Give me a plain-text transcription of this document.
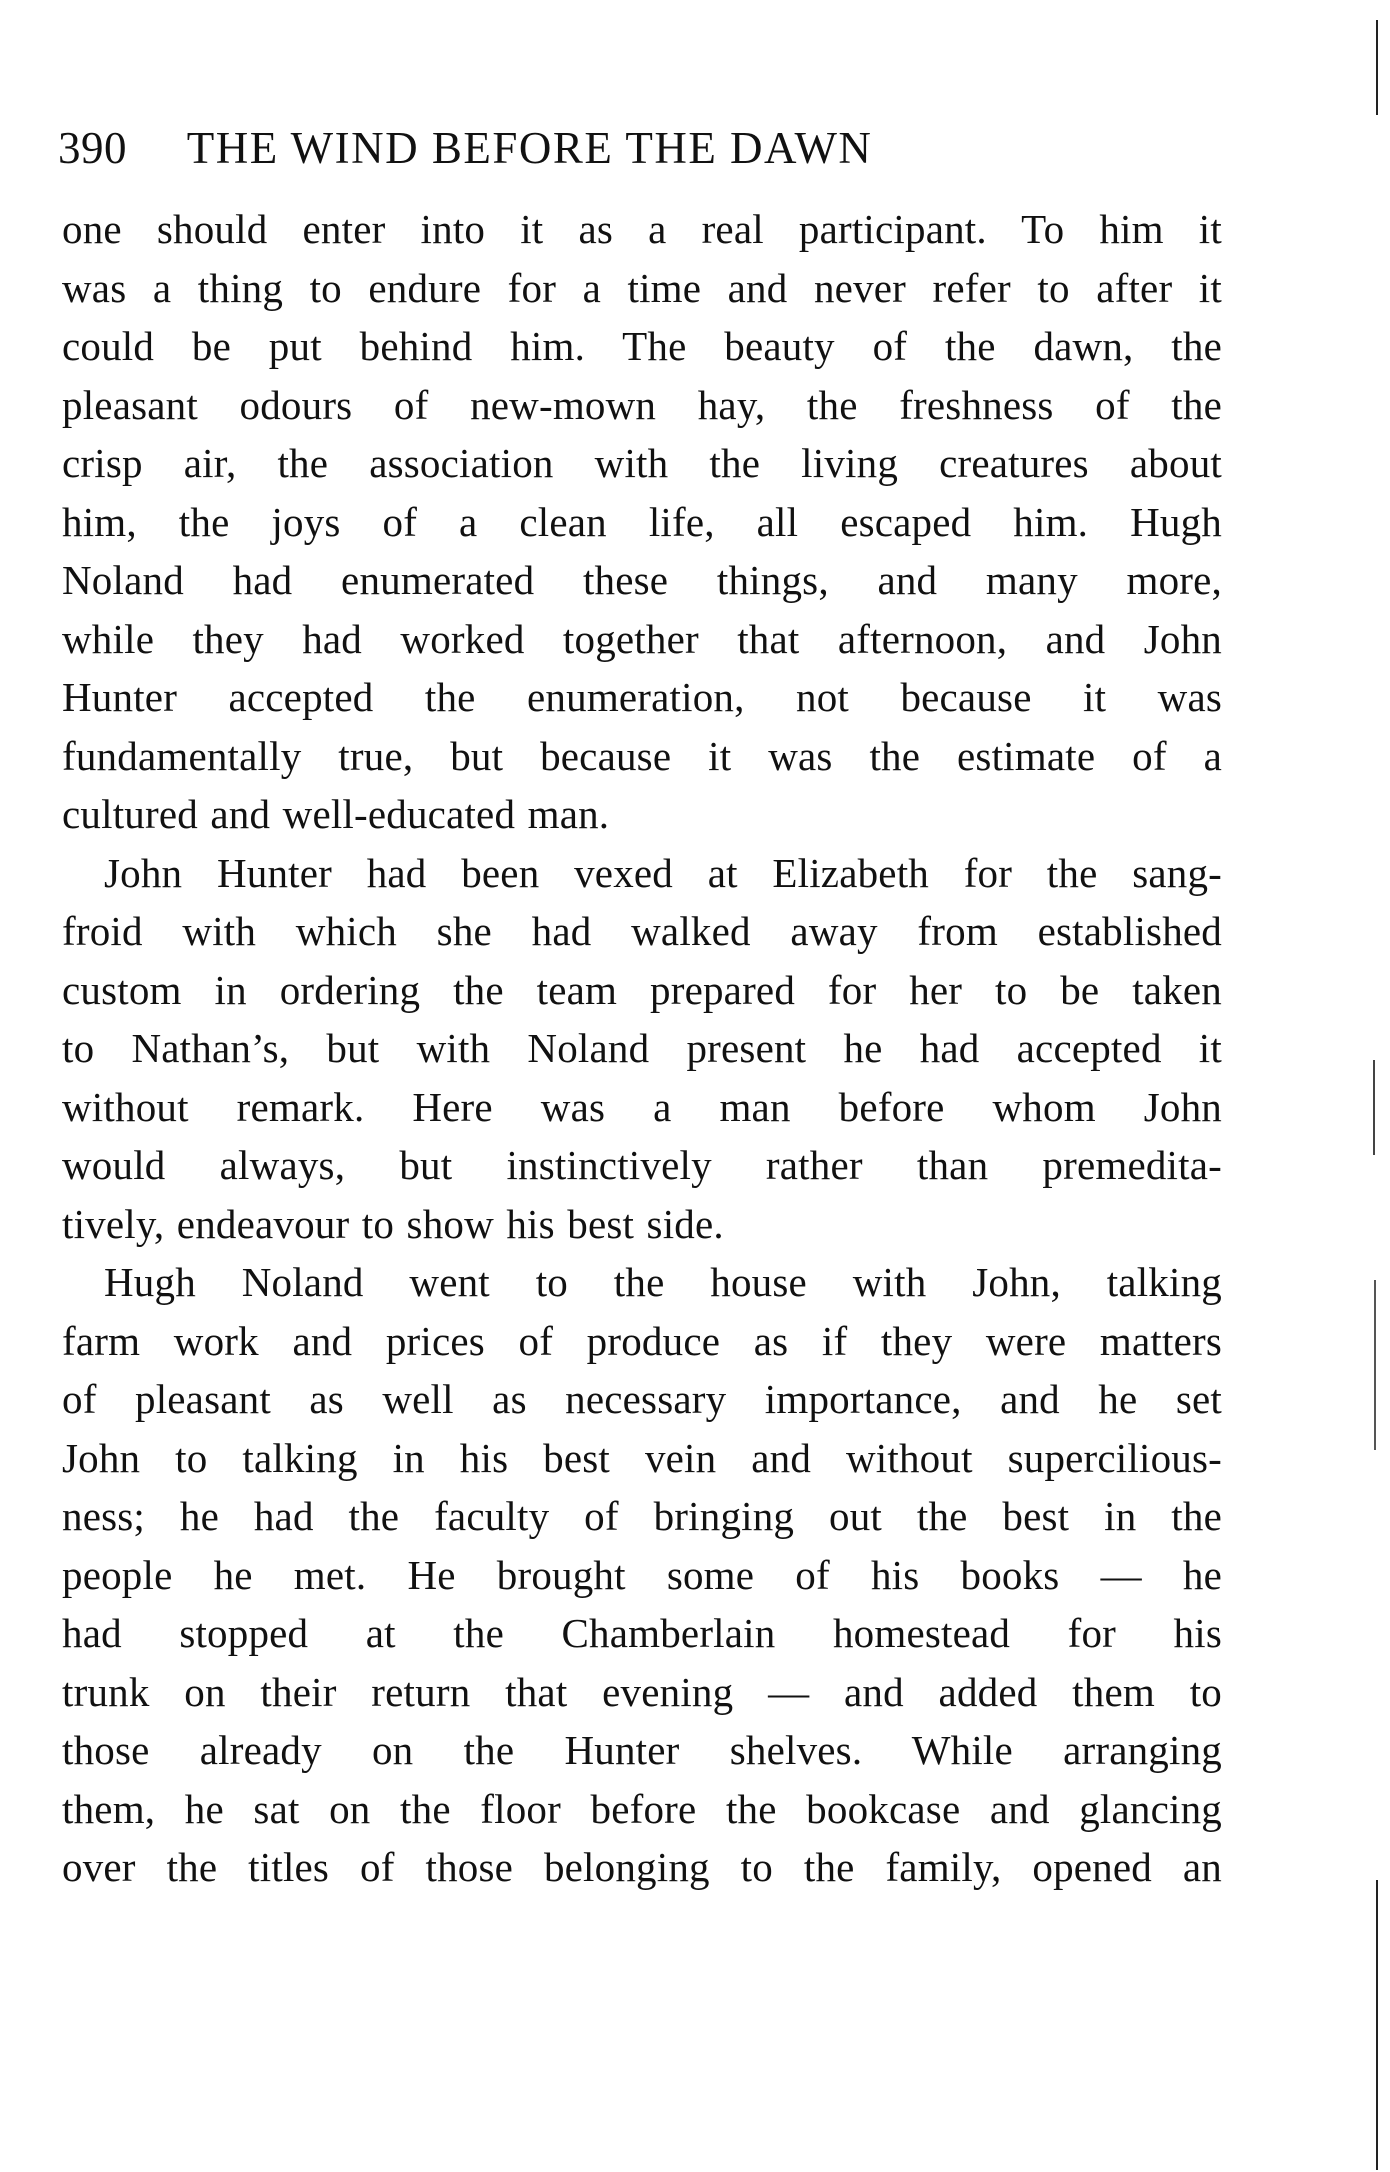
390 THE WIND BEFORE THE DAWN
one should enter into it as a real participant. To him it
was a thing to endure for a time and never refer to after it
could be put behind him. The beauty of the dawn, the
pleasant odours of new-mown hay, the freshness of the
crisp air, the association with the living creatures about
him, the joys of a clean life, all escaped him. Hugh
Noland had enumerated these things, and many more,
while they had worked together that afternoon, and John
Hunter accepted the enumeration, not because it was
fundamentally true, but because it was the estimate of a
cultured and well-educated man.
John Hunter had been vexed at Elizabeth for the sang-
froid with which she had walked away from established
custom in ordering the team prepared for her to be taken
to Nathan’s, but with Noland present he had accepted it
without remark. Here was a man before whom John
would always, but instinctively rather than premedita-
tively, endeavour to show his best side.
Hugh Noland went to the house with John, talking
farm work and prices of produce as if they were matters
of pleasant as well as necessary importance, and he set
John to talking in his best vein and without supercilious-
ness; he had the faculty of bringing out the best in the
people he met. He brought some of his books — he
had stopped at the Chamberlain homestead for his
trunk on their return that evening — and added them to
those already on the Hunter shelves. While arranging
them, he sat on the floor before the bookcase and glancing
over the titles of those belonging to the family, opened an
